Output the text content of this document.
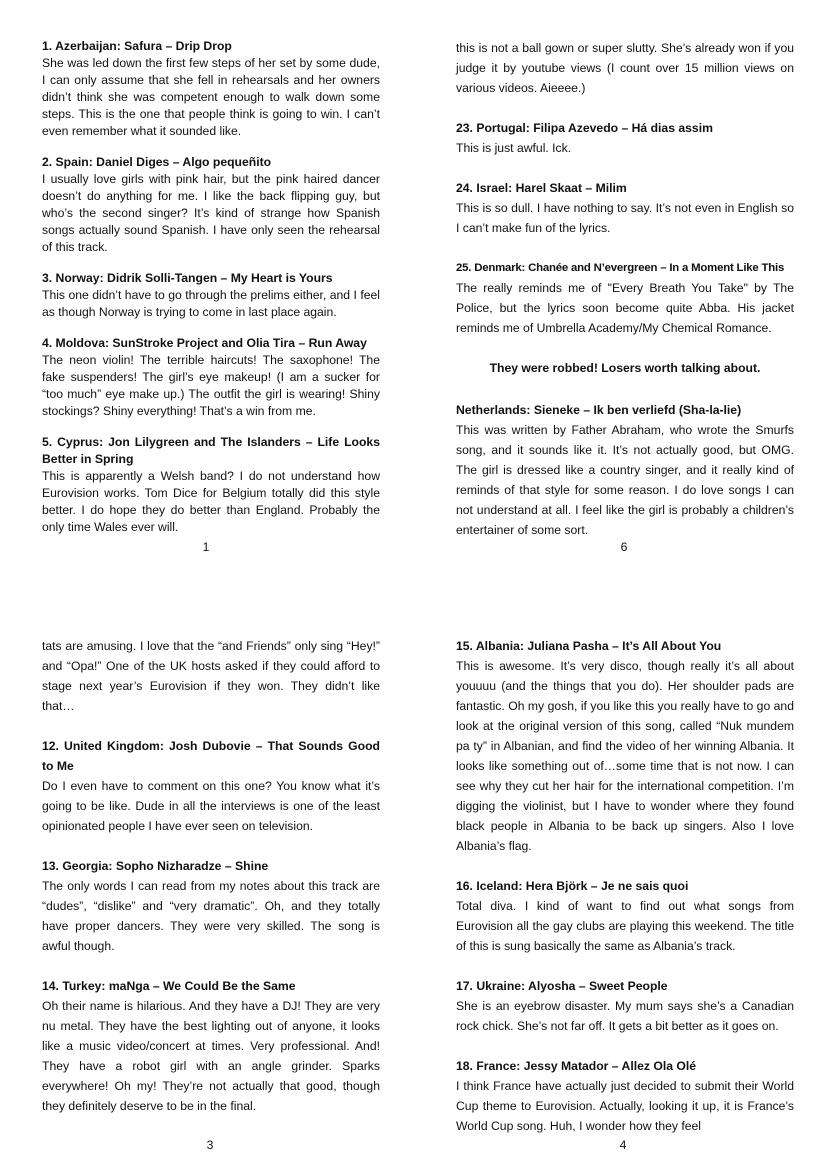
1. Azerbaijan: Safura – Drip Drop

She was led down the first few steps of her set by some dude, I can only assume that she fell in rehearsals and her owners didn’t think she was competent enough to walk down some steps. This is the one that people think is going to win. I can’t even remember what it sounded like.

2. Spain: Daniel Diges – Algo pequeñito

I usually love girls with pink hair, but the pink haired dancer doesn’t do anything for me. I like the back flipping guy, but who’s the second singer? It’s kind of strange how Spanish songs actually sound Spanish. I have only seen the rehearsal of this track.

3. Norway: Didrik Solli-Tangen – My Heart is Yours

This one didn’t have to go through the prelims either, and I feel as though Norway is trying to come in last place again.

4. Moldova: SunStroke Project and Olia Tira – Run Away

The neon violin! The terrible haircuts! The saxophone! The fake suspenders! The girl’s eye makeup! (I am a sucker for “too much” eye make up.) The outfit the girl is wearing! Shiny stockings? Shiny everything! That’s a win from me.

5. Cyprus: Jon Lilygreen and The Islanders – Life Looks Better in Spring

This is apparently a Welsh band? I do not understand how Eurovision works. Tom Dice for Belgium totally did this style better. I do hope they do better than England. Probably the only time Wales ever will.

1

this is not a ball gown or super slutty. She’s already won if you judge it by youtube views (I count over 15 million views on various videos. Aieeee.)

23. Portugal: Filipa Azevedo – Há dias assim

This is just awful. Ick.

24. Israel: Harel Skaat – Milim

This is so dull. I have nothing to say. It’s not even in English so I can’t make fun of the lyrics.

25. Denmark: Chanée and N’evergreen – In a Moment Like This

The really reminds me of "Every Breath You Take" by The Police, but the lyrics soon become quite Abba. His jacket reminds me of Umbrella Academy/My Chemical Romance.

They were robbed! Losers worth talking about.

Netherlands: Sieneke – Ik ben verliefd (Sha-la-lie)

This was written by Father Abraham, who wrote the Smurfs song, and it sounds like it. It’s not actually good, but OMG. The girl is dressed like a country singer, and it really kind of reminds of that style for some reason. I do love songs I can not understand at all. I feel like the girl is probably a children’s entertainer of some sort.

6

tats are amusing. I love that the “and Friends” only sing “Hey!” and “Opa!” One of the UK hosts asked if they could afford to stage next year’s Eurovision if they won. They didn’t like that…

12. United Kingdom: Josh Dubovie – That Sounds Good to Me

Do I even have to comment on this one? You know what it’s going to be like. Dude in all the interviews is one of the least opinionated people I have ever seen on television.

13. Georgia: Sopho Nizharadze – Shine

The only words I can read from my notes about this track are “dudes”, “dislike” and “very dramatic”. Oh, and they totally have proper dancers. They were very skilled. The song is awful though.

14. Turkey: maNga – We Could Be the Same

Oh their name is hilarious. And they have a DJ! They are very nu metal. They have the best lighting out of anyone, it looks like a music video/concert at times. Very professional. And! They have a robot girl with an angle grinder. Sparks everywhere! Oh my! They’re not actually that good, though they definitely deserve to be in the final.

3

15. Albania: Juliana Pasha – It’s All About You

This is awesome. It’s very disco, though really it’s all about youuuu (and the things that you do). Her shoulder pads are fantastic. Oh my gosh, if you like this you really have to go and look at the original version of this song, called “Nuk mundem pa ty” in Albanian, and find the video of her winning Albania. It looks like something out of…some time that is not now. I can see why they cut her hair for the international competition. I’m digging the violinist, but I have to wonder where they found black people in Albania to be back up singers. Also I love Albania’s flag.

16. Iceland: Hera Björk – Je ne sais quoi

Total diva. I kind of want to find out what songs from Eurovision all the gay clubs are playing this weekend. The title of this is sung basically the same as Albania’s track.

17. Ukraine: Alyosha – Sweet People

She is an eyebrow disaster. My mum says she’s a Canadian rock chick. She’s not far off. It gets a bit better as it goes on.

18. France: Jessy Matador – Allez Ola Olé

I think France have actually just decided to submit their World Cup theme to Eurovision. Actually, looking it up, it is France’s World Cup song. Huh, I wonder how they feel

4
